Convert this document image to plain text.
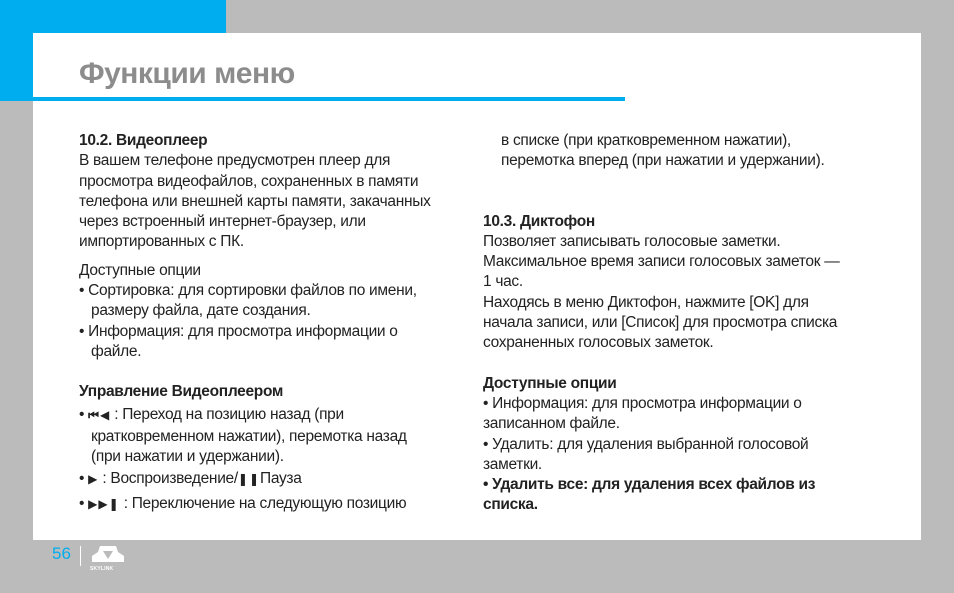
Функции меню

10.2. Видеоплеер

В вашем телефоне предусмотрен плеер для

просмотра видеофайлов, сохраненных в памяти

телефона или внешней карты памяти, закачанных

через встроенный интернет-браузер, или

импортированных с ПК.

Доступные опции

• Сортировка: для сортировки файлов по имени,

размеру файла, дате создания.

• Информация: для просмотра информации о

файле.

Управление Видеоплеером

• ⏮◀ : Переход на позицию назад (при

кратковременном нажатии), перемотка назад

(при нажатии и удержании).

• ▶ : Воспроизведение/❚❚Пауза

• ▶▶❚ : Переключение на следующую позицию

в списке (при кратковременном нажатии),

перемотка вперед (при нажатии и удержании).

10.3. Диктофон

Позволяет записывать голосовые заметки.

Максимальное время записи голосовых заметок —

1 час.

Находясь в меню Диктофон, нажмите [OK] для

начала записи, или [Список] для просмотра списка

сохраненных голосовых заметок.

Доступные опции

• Информация: для просмотра информации о

записанном файле.

• Удалить: для удаления выбранной голосовой

заметки.

• Удалить все: для удаления всех файлов из

списка.

56
SKYLINK
